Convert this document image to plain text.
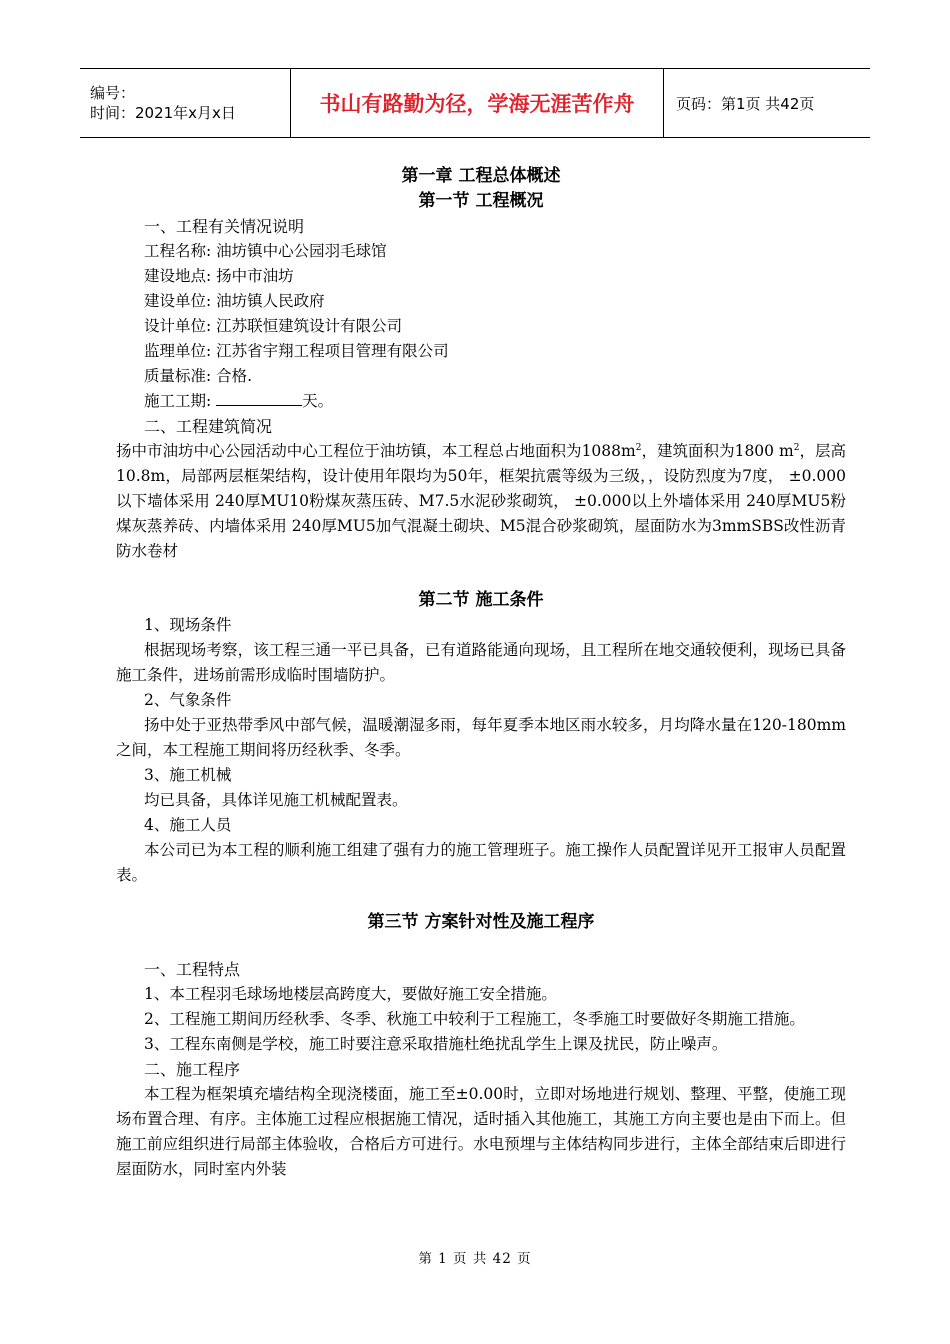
编号：
时间：2021年x月x日	书山有路勤为径，学海无涯苦作舟	页码：第1页 共42页
第一章 工程总体概述
第一节 工程概况
一、工程有关情况说明
工程名称: 油坊镇中心公园羽毛球馆
建设地点: 扬中市油坊
建设单位: 油坊镇人民政府
设计单位: 江苏联恒建筑设计有限公司
监理单位: 江苏省宇翔工程项目管理有限公司
质量标准: 合格.
施工工期:	天。
二、工程建筑简况

扬中市油坊中心公园活动中心工程位于油坊镇，本工程总占地面积为$1088m^2$，建筑面积为1800 $m^2$，层高10.8m，局部两层框架结构，设计使用年限均为50年，框架抗震等级为三级，，设防烈度为7度， ±0.000以下墙体采用 240厚MU10粉煤灰蒸压砖、M7.5水泥砂浆砌筑， ±0.000以上外墙体采用 240厚MU5粉煤灰蒸养砖、内墙体采用 240厚MU5加气混凝土砌块、M5混合砂浆砌筑，屋面防水为3mmSBS改性沥青防水卷材

第二节 施工条件
1、现场条件

根据现场考察，该工程三通一平已具备，已有道路能通向现场，且工程所在地交通较便利，现场已具备施工条件，进场前需形成临时围墙防护。

2、气象条件

扬中处于亚热带季风中部气候，温暖潮湿多雨，每年夏季本地区雨水较多，月均降水量在120-180mm之间，本工程施工期间将历经秋季、冬季。

3、施工机械

均已具备，具体详见施工机械配置表。

4、施工人员

本公司已为本工程的顺利施工组建了强有力的施工管理班子。施工操作人员配置详见开工报审人员配置表。

第三节 方案针对性及施工程序
一、工程特点

1、本工程羽毛球场地楼层高跨度大，要做好施工安全措施。

2、工程施工期间历经秋季、冬季、秋施工中较利于工程施工，冬季施工时要做好冬期施工措施。

3、工程东南侧是学校，施工时要注意采取措施杜绝扰乱学生上课及扰民，防止噪声。

二、施工程序

本工程为框架填充墙结构全现浇楼面，施工至±0.00时，立即对场地进行规划、整理、平整，使施工现场布置合理、有序。主体施工过程应根据施工情况，适时插入其他施工，其施工方向主要也是由下而上。但施工前应组织进行局部主体验收，合格后方可进行。水电预埋与主体结构同步进行，主体全部结束后即进行屋面防水，同时室内外装

第 1 页 共 42 页
